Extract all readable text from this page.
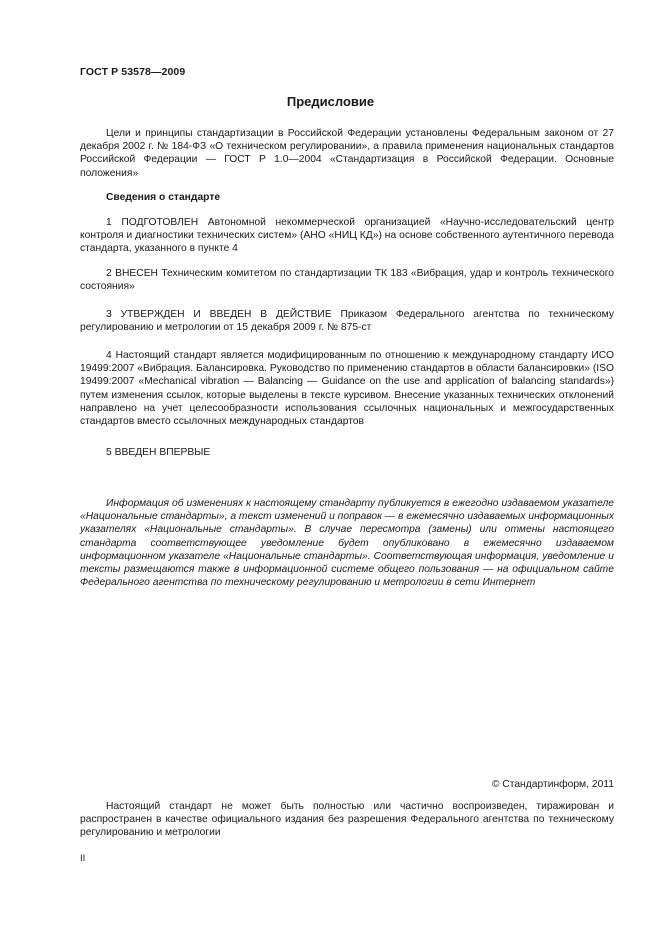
ГОСТ Р 53578—2009
Предисловие

Цели и принципы стандартизации в Российской Федерации установлены Федеральным законом от 27 декабря 2002 г. № 184-ФЗ «О техническом регулировании», а правила применения национальных стандартов Российской Федерации — ГОСТ Р 1.0—2004 «Стандартизация в Российской Федерации. Основные положения»

Сведения о стандарте

1 ПОДГОТОВЛЕН Автономной некоммерческой организацией «Научно-исследовательский центр контроля и диагностики технических систем» (АНО «НИЦ КД») на основе собственного аутентичного перевода стандарта, указанного в пункте 4

2 ВНЕСЕН Техническим комитетом по стандартизации ТК 183 «Вибрация, удар и контроль технического состояния»

3 УТВЕРЖДЕН И ВВЕДЕН В ДЕЙСТВИЕ Приказом Федерального агентства по техническому регулированию и метрологии от 15 декабря 2009 г. № 875-ст

4 Настоящий стандарт является модифицированным по отношению к международному стандарту ИСО 19499:2007 «Вибрация. Балансировка. Руководство по применению стандартов в области балансировки» (ISO 19499:2007 «Mechanical vibration — Balancing — Guidance on the use and application of balancing standards») путем изменения ссылок, которые выделены в тексте курсивом. Внесение указанных технических отклонений направлено на учет целесообразности использования ссылочных национальных и межгосударственных стандартов вместо ссылочных международных стандартов

5 ВВЕДЕН ВПЕРВЫЕ

Информация об изменениях к настоящему стандарту публикуется в ежегодно издаваемом указателе «Национальные стандарты», а текст изменений и поправок — в ежемесячно издаваемых информационных указателях «Национальные стандарты». В случае пересмотра (замены) или отмены настоящего стандарта соответствующее уведомление будет опубликовано в ежемесячно издаваемом информационном указателе «Национальные стандарты». Соответствующая информация, уведомление и тексты размещаются также в информационной системе общего пользования — на официальном сайте Федерального агентства по техническому регулированию и метрологии в сети Интернет

© Стандартинформ, 2011

Настоящий стандарт не может быть полностью или частично воспроизведен, тиражирован и распространен в качестве официального издания без разрешения Федерального агентства по техническому регулированию и метрологии

II
